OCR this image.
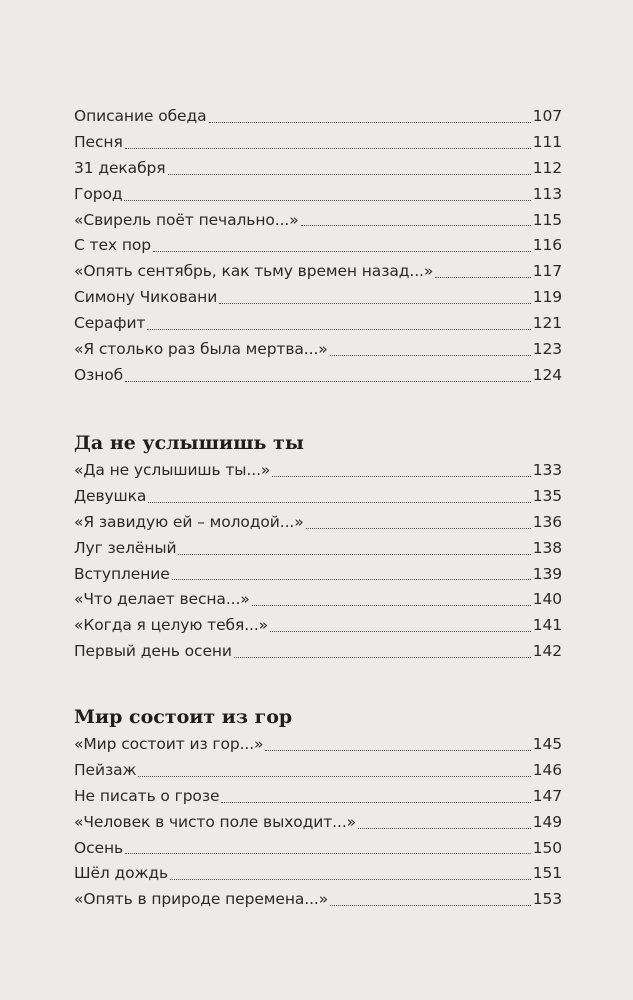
Описание обеда	107
Песня	111
31 декабря	112
Город	113
«Свирель поёт печально...»	115
С тех пор	116
«Опять сентябрь, как тьму времен назад...»	117
Симону Чиковани	119
Серафит	121
«Я столько раз была мертва...»	123
Озноб	124
Да не услышишь ты
«Да не услышишь ты...»	133
Девушка	135
«Я завидую ей – молодой...»	136
Луг зелёный	138
Вступление	139
«Что делает весна...»	140
«Когда я целую тебя...»	141
Первый день осени	142
Мир состоит из гор
«Мир состоит из гор...»	145
Пейзаж	146
Не писать о грозе	147
«Человек в чисто поле выходит...»	149
Осень	150
Шёл дождь	151
«Опять в природе перемена...»	153
